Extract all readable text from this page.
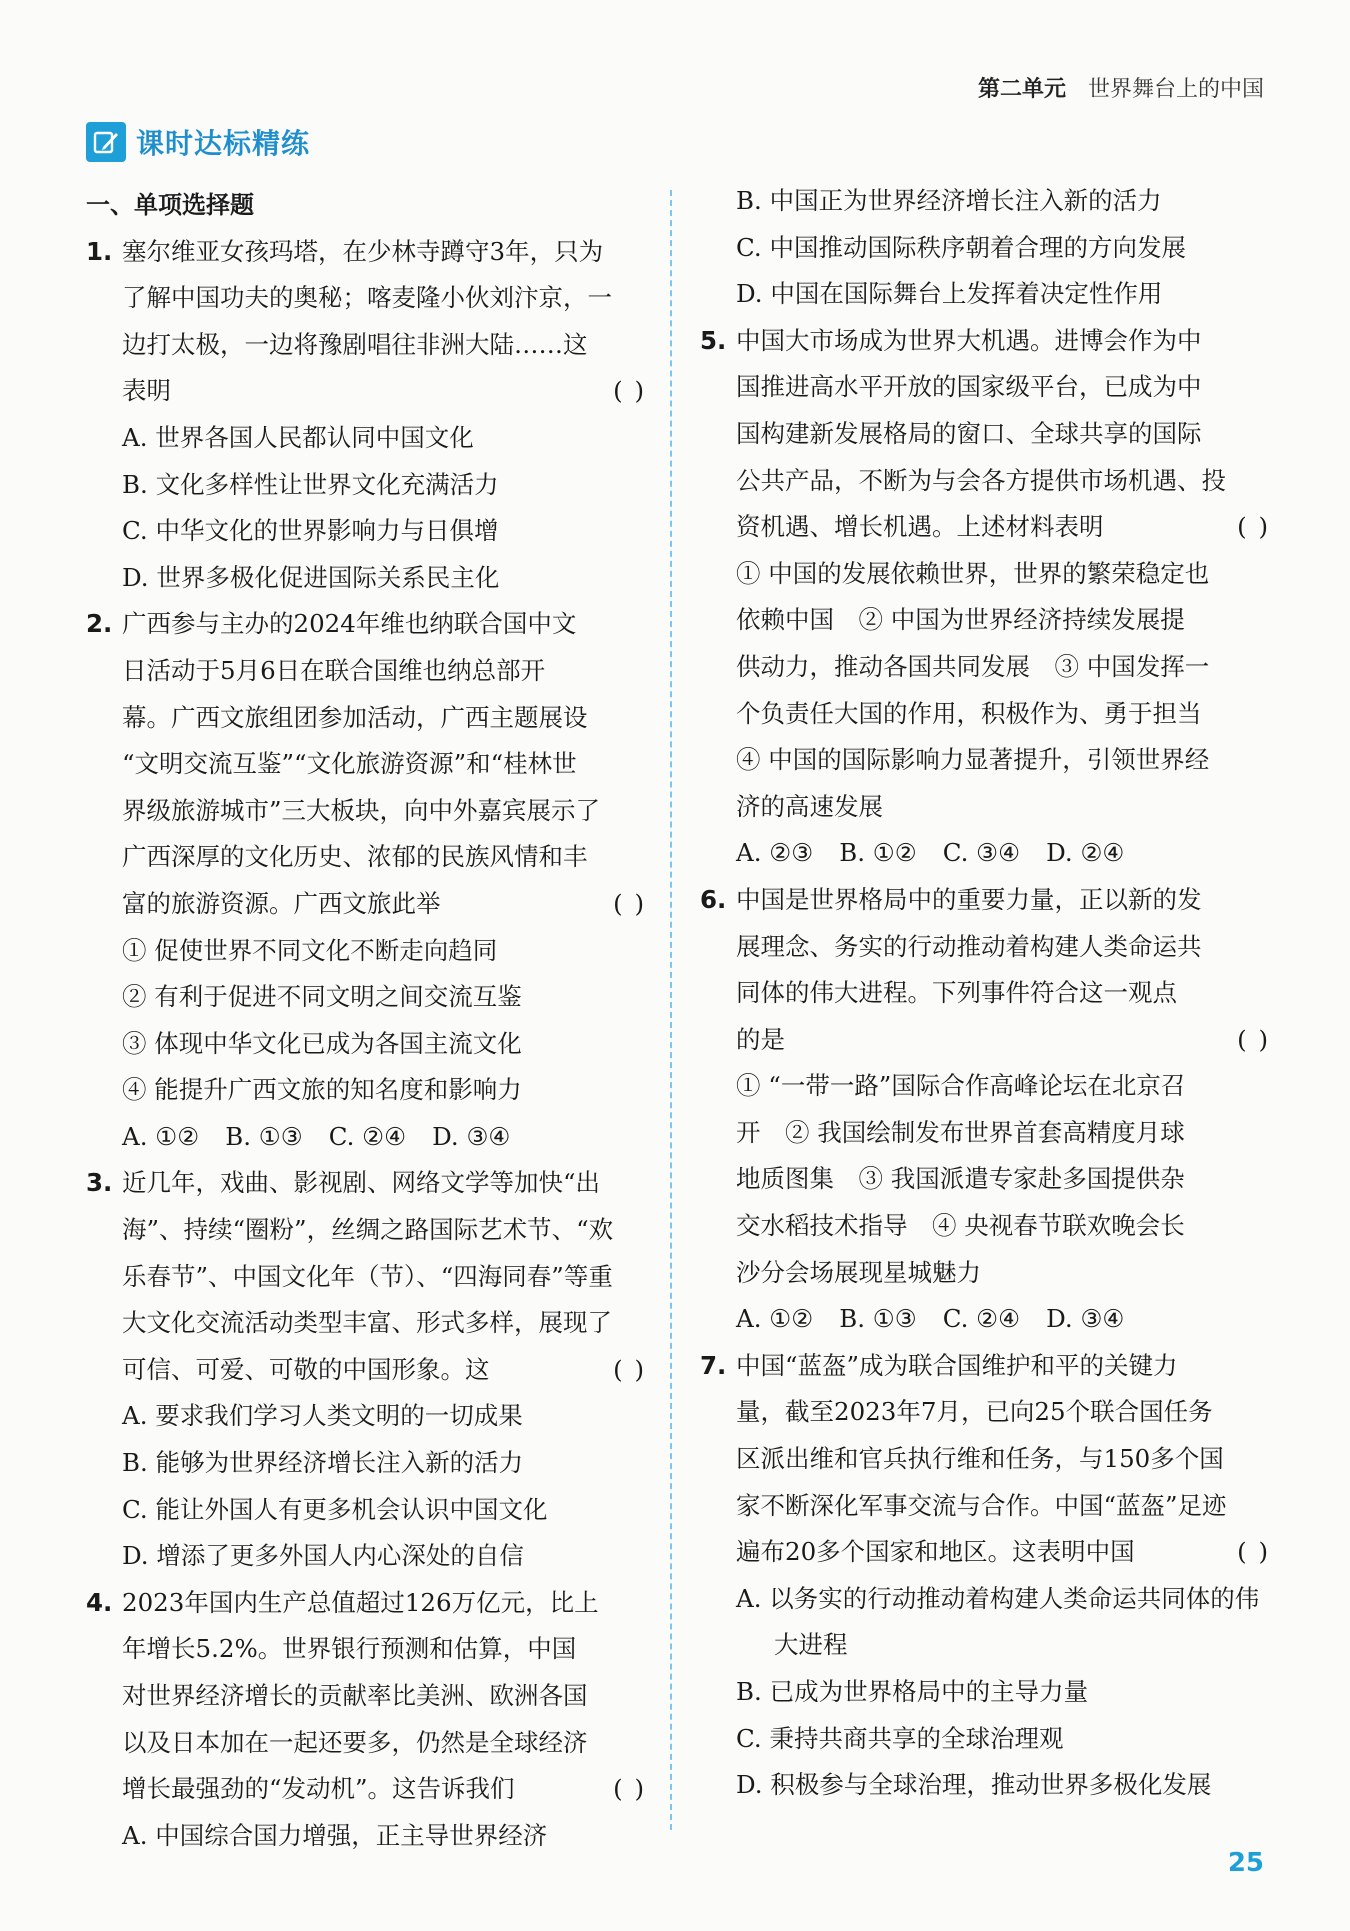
第二单元 世界舞台上的中国
课时达标精练
一、单项选择题
1. 塞尔维亚女孩玛塔，在少林寺蹲守3年，只为
了解中国功夫的奥秘；喀麦隆小伙刘汴京，一
边打太极，一边将豫剧唱往非洲大陆……这
表明	( )
A. 世界各国人民都认同中国文化
B. 文化多样性让世界文化充满活力
C. 中华文化的世界影响力与日俱增
D. 世界多极化促进国际关系民主化
2. 广西参与主办的2024年维也纳联合国中文
日活动于5月6日在联合国维也纳总部开
幕。广西文旅组团参加活动，广西主题展设
“文明交流互鉴”“文化旅游资源”和“桂林世
界级旅游城市”三大板块，向中外嘉宾展示了
广西深厚的文化历史、浓郁的民族风情和丰
富的旅游资源。广西文旅此举	( )
① 促使世界不同文化不断走向趋同
② 有利于促进不同文明之间交流互鉴
③ 体现中华文化已成为各国主流文化
④ 能提升广西文旅的知名度和影响力
A. ①② B. ①③ C. ②④ D. ③④
3. 近几年，戏曲、影视剧、网络文学等加快“出
海”、持续“圈粉”，丝绸之路国际艺术节、“欢
乐春节”、中国文化年（节）、“四海同春”等重
大文化交流活动类型丰富、形式多样，展现了
可信、可爱、可敬的中国形象。这	( )
A. 要求我们学习人类文明的一切成果
B. 能够为世界经济增长注入新的活力
C. 能让外国人有更多机会认识中国文化
D. 增添了更多外国人内心深处的自信
4. 2023年国内生产总值超过126万亿元，比上
年增长5.2%。世界银行预测和估算，中国
对世界经济增长的贡献率比美洲、欧洲各国
以及日本加在一起还要多，仍然是全球经济
增长最强劲的“发动机”。这告诉我们	( )
A. 中国综合国力增强，正主导世界经济
B. 中国正为世界经济增长注入新的活力
C. 中国推动国际秩序朝着合理的方向发展
D. 中国在国际舞台上发挥着决定性作用
5. 中国大市场成为世界大机遇。进博会作为中
国推进高水平开放的国家级平台，已成为中
国构建新发展格局的窗口、全球共享的国际
公共产品，不断为与会各方提供市场机遇、投
资机遇、增长机遇。上述材料表明	( )
① 中国的发展依赖世界，世界的繁荣稳定也
依赖中国　② 中国为世界经济持续发展提
供动力，推动各国共同发展　③ 中国发挥一
个负责任大国的作用，积极作为、勇于担当
④ 中国的国际影响力显著提升，引领世界经
济的高速发展
A. ②③ B. ①② C. ③④ D. ②④
6. 中国是世界格局中的重要力量，正以新的发
展理念、务实的行动推动着构建人类命运共
同体的伟大进程。下列事件符合这一观点
的是	( )
① “一带一路”国际合作高峰论坛在北京召
开　② 我国绘制发布世界首套高精度月球
地质图集　③ 我国派遣专家赴多国提供杂
交水稻技术指导　④ 央视春节联欢晚会长
沙分会场展现星城魅力
A. ①② B. ①③ C. ②④ D. ③④
7. 中国“蓝盔”成为联合国维护和平的关键力
量，截至2023年7月，已向25个联合国任务
区派出维和官兵执行维和任务，与150多个国
家不断深化军事交流与合作。中国“蓝盔”足迹
遍布20多个国家和地区。这表明中国	( )
A. 以务实的行动推动着构建人类命运共同体的伟大进程
B. 已成为世界格局中的主导力量
C. 秉持共商共享的全球治理观
D. 积极参与全球治理，推动世界多极化发展
25
